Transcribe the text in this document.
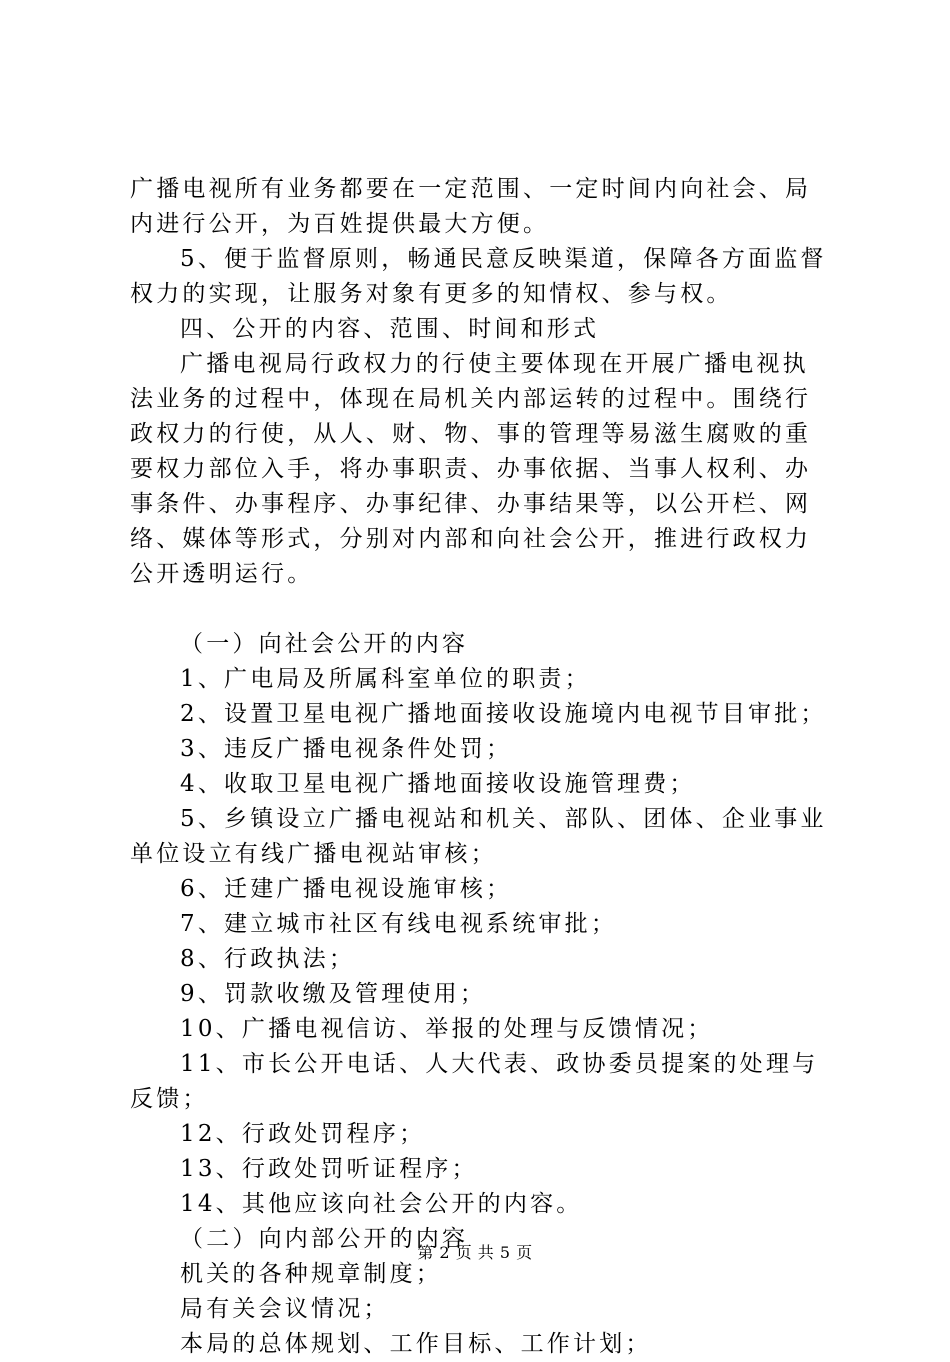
广播电视所有业务都要在一定范围、一定时间内向社会、局内进行公开，为百姓提供最大方便。

5、便于监督原则，畅通民意反映渠道，保障各方面监督权力的实现，让服务对象有更多的知情权、参与权。

四、公开的内容、范围、时间和形式

广播电视局行政权力的行使主要体现在开展广播电视执法业务的过程中，体现在局机关内部运转的过程中。围绕行政权力的行使，从人、财、物、事的管理等易滋生腐败的重要权力部位入手，将办事职责、办事依据、当事人权利、办事条件、办事程序、办事纪律、办事结果等，以公开栏、网络、媒体等形式，分别对内部和向社会公开，推进行政权力公开透明运行。

（一）向社会公开的内容

1、广电局及所属科室单位的职责；

2、设置卫星电视广播地面接收设施境内电视节目审批；

3、违反广播电视条件处罚；

4、收取卫星电视广播地面接收设施管理费；

5、乡镇设立广播电视站和机关、部队、团体、企业事业单位设立有线广播电视站审核；

6、迁建广播电视设施审核；

7、建立城市社区有线电视系统审批；

8、行政执法；

9、罚款收缴及管理使用；

10、广播电视信访、举报的处理与反馈情况；

11、市长公开电话、人大代表、政协委员提案的处理与反馈；

12、行政处罚程序；

13、行政处罚听证程序；

14、其他应该向社会公开的内容。

（二）向内部公开的内容

机关的各种规章制度；

局有关会议情况；

本局的总体规划、工作目标、工作计划；

第 2 页 共 5 页
